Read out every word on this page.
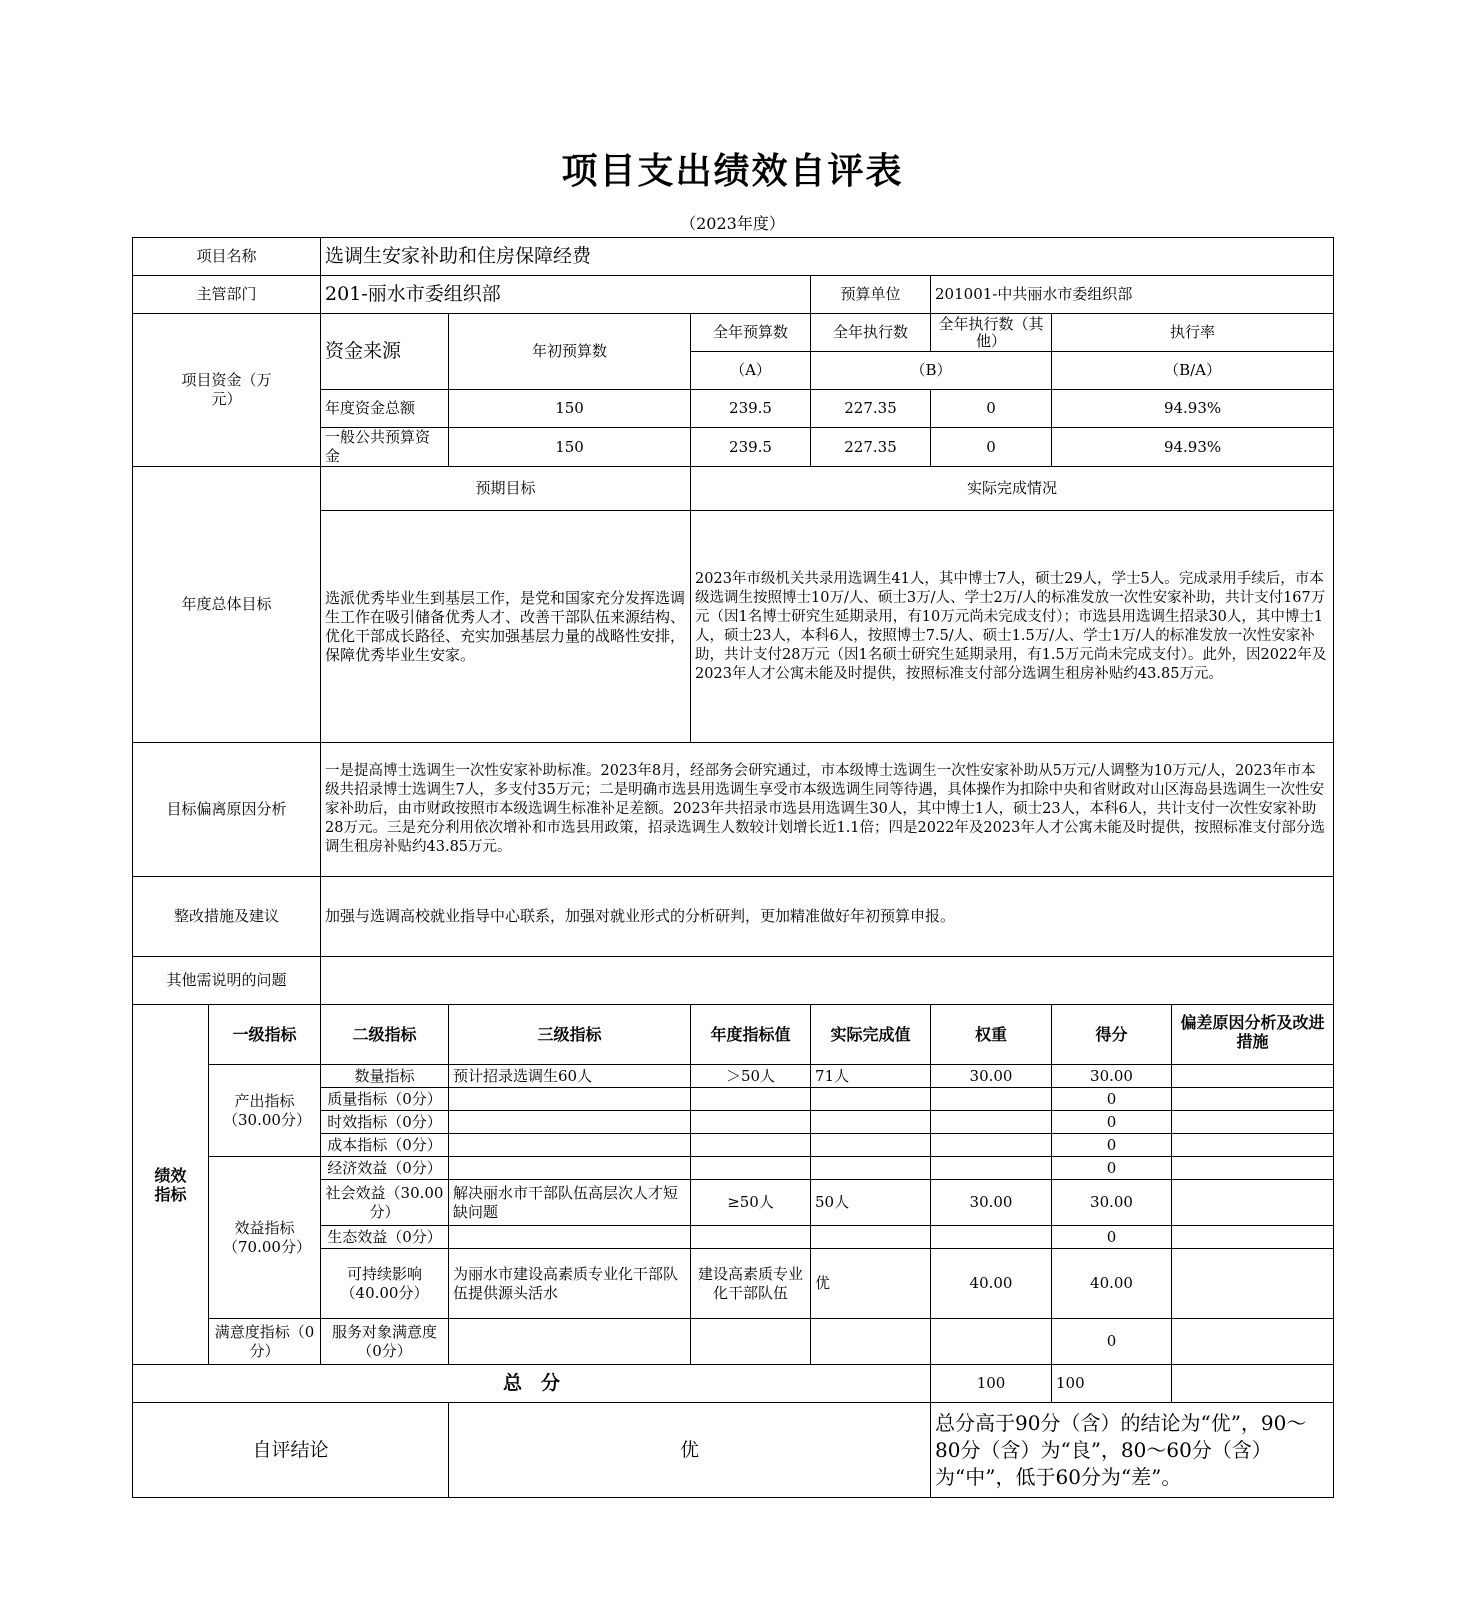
项目支出绩效自评表
（2023年度）
项目名称		选调生安家补助和住房保障经费						
主管部门		201-丽水市委组织部			预算单位	201001-中共丽水市委组织部		
项目资金（万元）		资金来源	年初预算数	全年预算数	全年执行数	全年执行数（其他）	执行率	
				（A）	（B）		（B/A）	
		年度资金总额	150	239.5	227.35	0	94.93%	
		一般公共预算资金	150	239.5	227.35	0	94.93%	
年度总体目标		预期目标		实际完成情况				
		选派优秀毕业生到基层工作，是党和国家充分发挥选调生工作在吸引储备优秀人才、改善干部队伍来源结构、优化干部成长路径、充实加强基层力量的战略性安排，保障优秀毕业生安家。		2023年市级机关共录用选调生41人，其中博士7人，硕士29人，学士5人。完成录用手续后，市本级选调生按照博士10万/人、硕士3万/人、学士2万/人的标准发放一次性安家补助，共计支付167万元（因1名博士研究生延期录用，有10万元尚未完成支付）；市选县用选调生招录30人，其中博士1人，硕士23人，本科6人，按照博士7.5/人、硕士1.5万/人、学士1万/人的标准发放一次性安家补助，共计支付28万元（因1名硕士研究生延期录用，有1.5万元尚未完成支付）。此外，因2022年及2023年人才公寓未能及时提供，按照标准支付部分选调生租房补贴约43.85万元。				
目标偏离原因分析		一是提高博士选调生一次性安家补助标准。2023年8月，经部务会研究通过，市本级博士选调生一次性安家补助从5万元/人调整为10万元/人，2023年市本级共招录博士选调生7人，多支付35万元；二是明确市选县用选调生享受市本级选调生同等待遇，具体操作为扣除中央和省财政对山区海岛县选调生一次性安家补助后，由市财政按照市本级选调生标准补足差额。2023年共招录市选县用选调生30人，其中博士1人，硕士23人，本科6人，共计支付一次性安家补助28万元。三是充分利用依次增补和市选县用政策，招录选调生人数较计划增长近1.1倍；四是2022年及2023年人才公寓未能及时提供，按照标准支付部分选调生租房补贴约43.85万元。						
整改措施及建议		加强与选调高校就业指导中心联系，加强对就业形式的分析研判，更加精准做好年初预算申报。						
其他需说明的问题								
绩效指标	一级指标	二级指标	三级指标	年度指标值	实际完成值	权重	得分	偏差原因分析及改进措施
	产出指标（30.00分）	数量指标	预计招录选调生60人	＞50人	71人	30.00	30.00	
		质量指标（0分）					0	
		时效指标（0分）					0	
		成本指标（0分）					0	
	效益指标（70.00分）	经济效益（0分）					0	
		社会效益（30.00分）	解决丽水市干部队伍高层次人才短缺问题	≥50人	50人	30.00	30.00	
		生态效益（0分）					0	
		可持续影响（40.00分）	为丽水市建设高素质专业化干部队伍提供源头活水	建设高素质专业化干部队伍	优	40.00	40.00	
	满意度指标（0分）	服务对象满意度（0分）					0	
总　分						100	100	
自评结论			优			总分高于90分（含）的结论为“优”，90～80分（含）为“良”，80～60分（含）为“中”，低于60分为“差”。		
